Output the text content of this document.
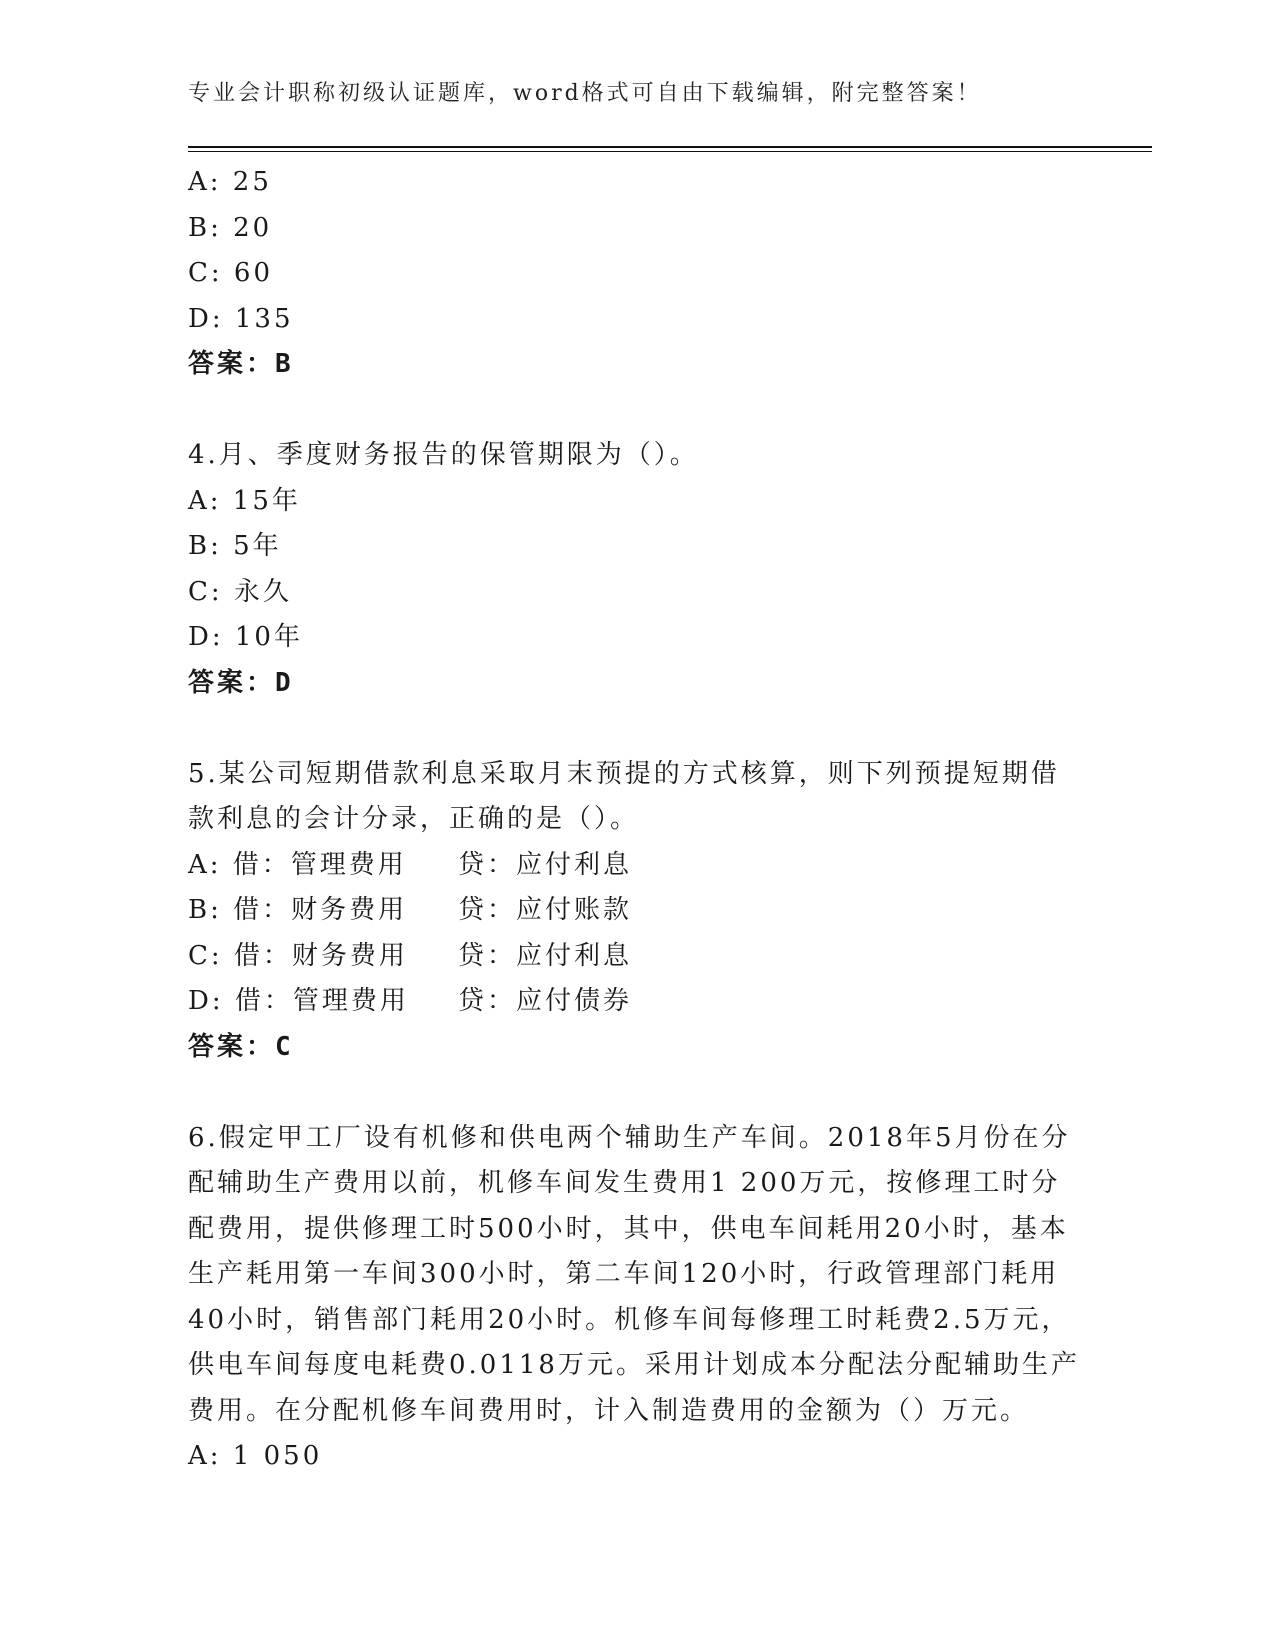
专业会计职称初级认证题库，word格式可自由下载编辑，附完整答案！
A: 25
B: 20
C: 60
D: 135
答案：B
4.月、季度财务报告的保管期限为（）。
A: 15年
B: 5年
C: 永久
D: 10年
答案：D
5.某公司短期借款利息采取月末预提的方式核算，则下列预提短期借
款利息的会计分录，正确的是（）。
A: 借：管理费用 贷：应付利息
B: 借：财务费用 贷：应付账款
C: 借：财务费用 贷：应付利息
D: 借：管理费用 贷：应付债券
答案：C
6.假定甲工厂设有机修和供电两个辅助生产车间。2018年5月份在分
配辅助生产费用以前，机修车间发生费用1 200万元，按修理工时分
配费用，提供修理工时500小时，其中，供电车间耗用20小时，基本
生产耗用第一车间300小时，第二车间120小时，行政管理部门耗用
40小时，销售部门耗用20小时。机修车间每修理工时耗费2.5万元，
供电车间每度电耗费0.0118万元。采用计划成本分配法分配辅助生产
费用。在分配机修车间费用时，计入制造费用的金额为（）万元。
A: 1 050
